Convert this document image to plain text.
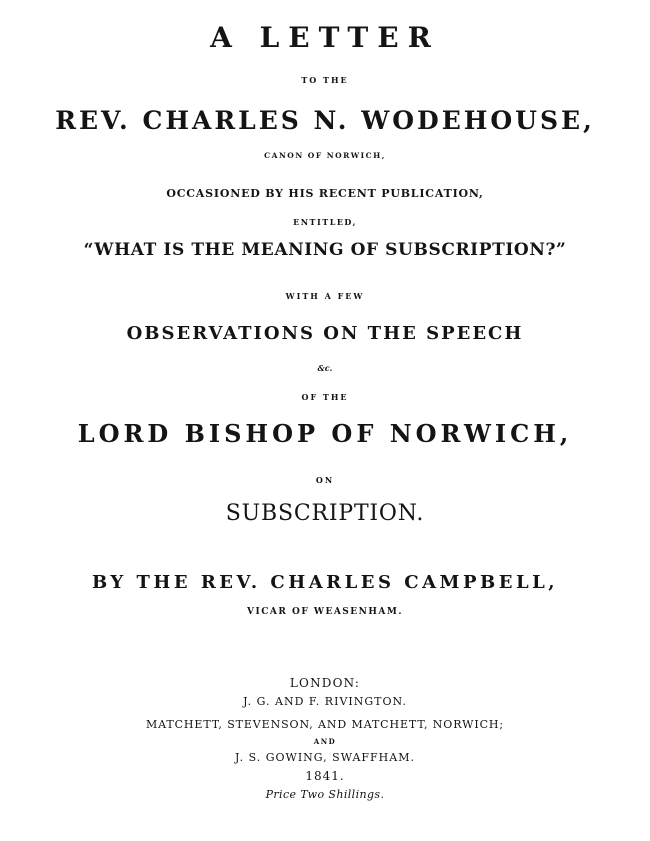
A LETTER
TO THE
REV. CHARLES N. WODEHOUSE,
CANON OF NORWICH,
OCCASIONED BY HIS RECENT PUBLICATION,
ENTITLED,
“WHAT IS THE MEANING OF SUBSCRIPTION?”
WITH A FEW
OBSERVATIONS ON THE SPEECH
&c.
OF THE
LORD BISHOP OF NORWICH,
ON
SUBSCRIPTION.
BY THE REV. CHARLES CAMPBELL,
VICAR OF WEASENHAM.
LONDON:
J. G. AND F. RIVINGTON.
MATCHETT, STEVENSON, AND MATCHETT, NORWICH;
AND
J. S. GOWING, SWAFFHAM.
1841.
Price Two Shillings.
